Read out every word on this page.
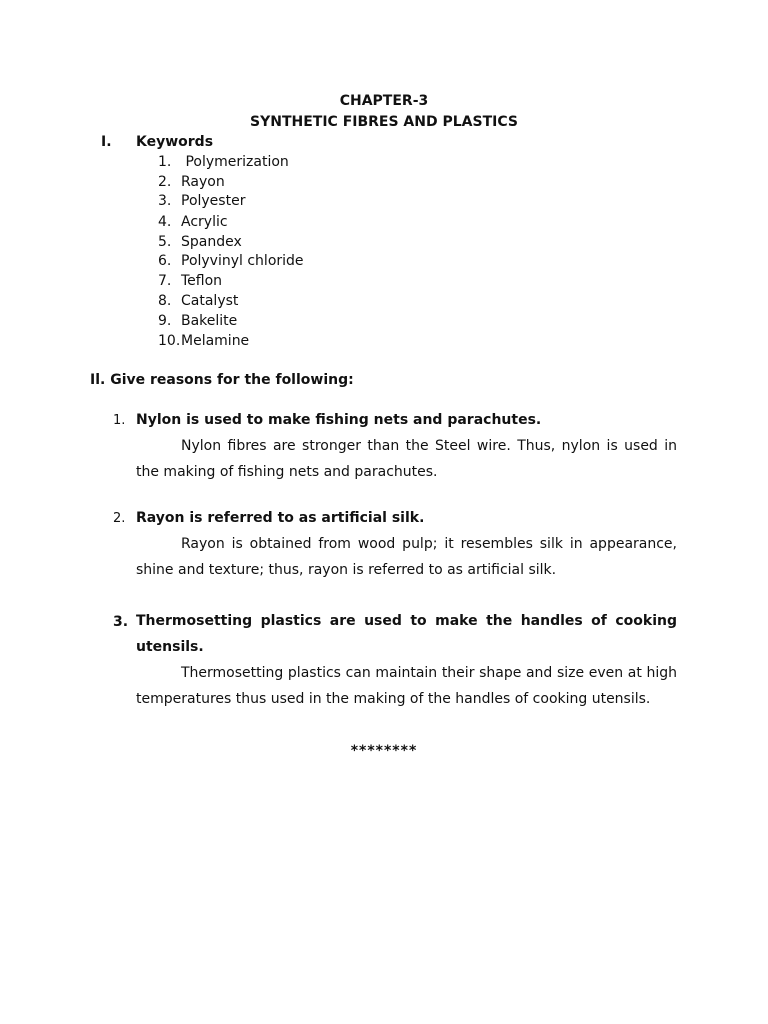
CHAPTER-3
SYNTHETIC FIBRES AND PLASTICS
I. Keywords
1. Polymerization
2. Rayon
3. Polyester
4. Acrylic
5. Spandex
6. Polyvinyl chloride
7. Teflon
8. Catalyst
9. Bakelite
10. Melamine
Il. Give reasons for the following:
1. Nylon is used to make fishing nets and parachutes.
Nylon fibres are stronger than the Steel wire. Thus, nylon is used in the making of fishing nets and parachutes.
2. Rayon is referred to as artificial silk.
Rayon is obtained from wood pulp; it resembles silk in appearance, shine and texture; thus, rayon is referred to as artificial silk.
3. Thermosetting plastics are used to make the handles of cooking utensils.
Thermosetting plastics can maintain their shape and size even at high temperatures thus used in the making of the handles of cooking utensils.
********
